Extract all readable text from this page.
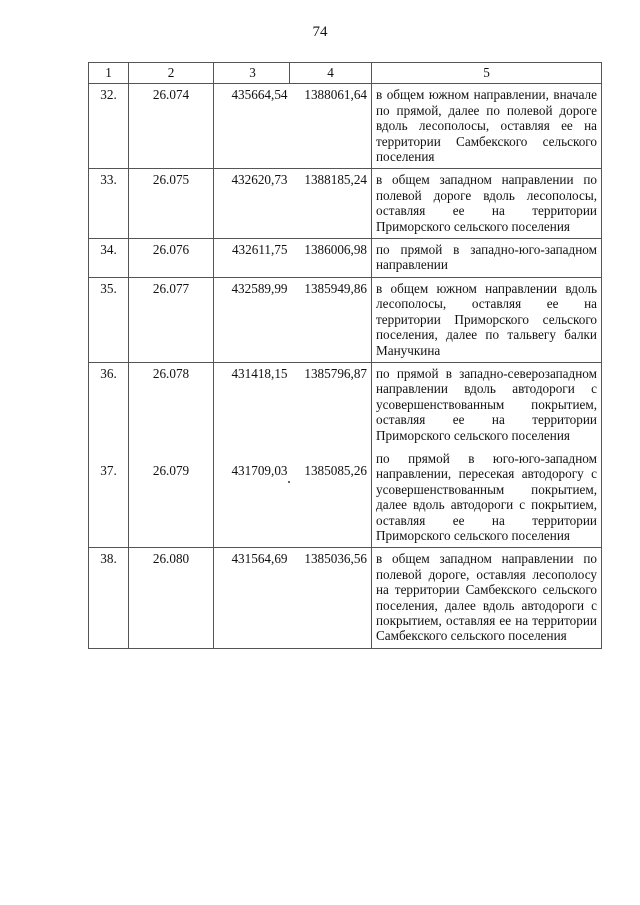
74
1	2	3	4	5
32.	26.074	435664,54	1388061,64	в общем южном направлении, вначале по прямой, далее по полевой дороге вдоль лесополосы, оставляя ее на территории Самбекского сельского поселения
33.	26.075	432620,73	1388185,24	в общем западном направлении по полевой дороге вдоль лесополосы, оставляя ее на территории Приморского сельского поселения
34.	26.076	432611,75	1386006,98	по прямой в западно-юго-западном направлении
35.	26.077	432589,99	1385949,86	в общем южном направлении вдоль лесополосы, оставляя ее на территории Приморского сельского поселения, далее по тальвегу балки Манучкина
36.	26.078	431418,15	1385796,87	по прямой в западно-северозападном направлении вдоль автодороги с усовершенствованным покрытием, оставляя ее на территории Приморского сельского поселения
37.	26.079	431709,03	1385085,26	по прямой в юго-юго-западном направлении, пересекая автодорогу с усовершенствованным покрытием, далее вдоль автодороги с покрытием, оставляя ее на территории Приморского сельского поселения
38.	26.080	431564,69	1385036,56	в общем западном направлении по полевой дороге, оставляя лесополосу на территории Самбекского сельского поселения, далее вдоль автодороги с покрытием, оставляя ее на территории Самбекского сельского поселения
